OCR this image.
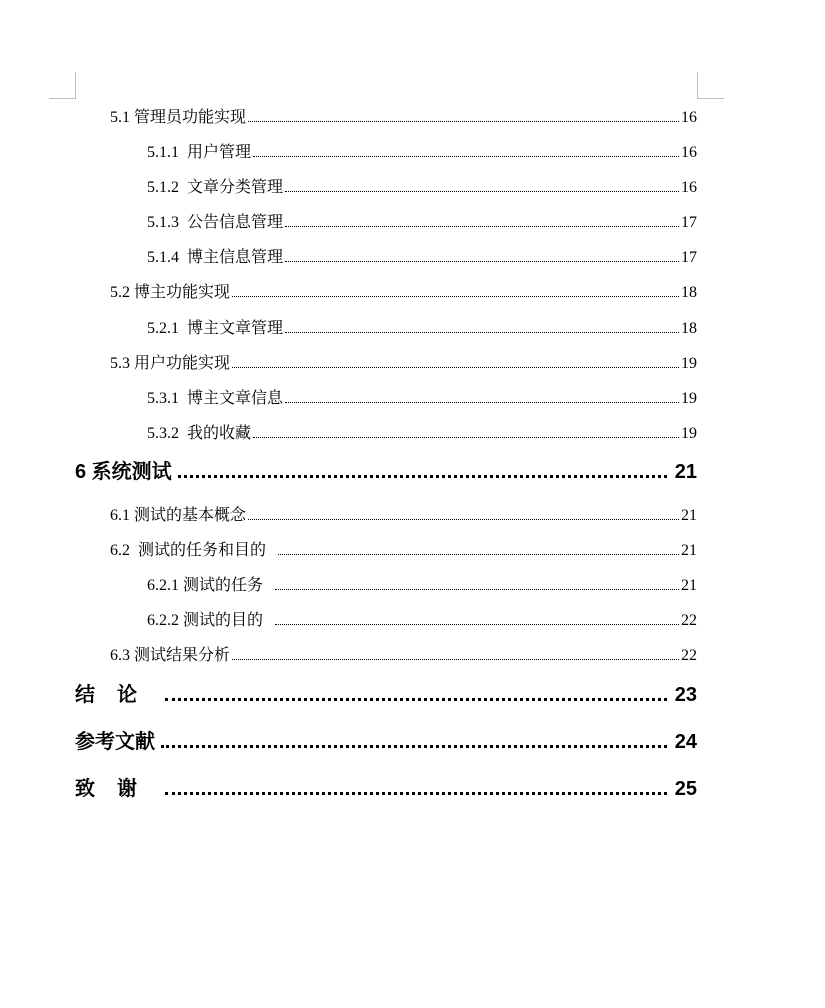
5.1 管理员功能实现	16
5.1.1  用户管理	16
5.1.2  文章分类管理	16
5.1.3  公告信息管理	17
5.1.4  博主信息管理	17
5.2 博主功能实现	18
5.2.1  博主文章管理	18
5.3 用户功能实现	19
5.3.1  博主文章信息	19
5.3.2  我的收藏	19
6 系统测试	21
6.1 测试的基本概念	21
6.2  测试的任务和目的	21
6.2.1 测试的任务	21
6.2.2 测试的目的	22
6.3 测试结果分析	22
结论	23
参考文献	24
致谢	25
